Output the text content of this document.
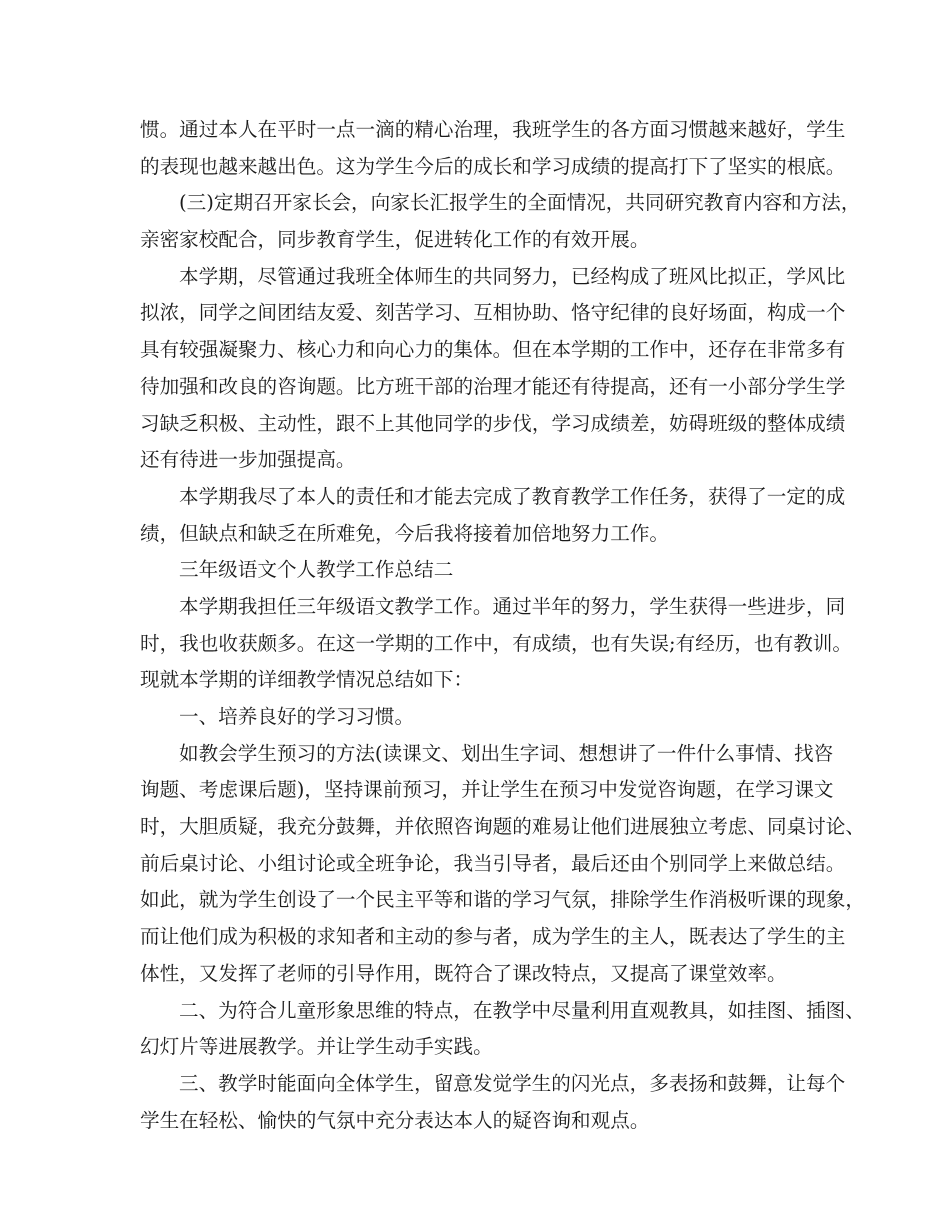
惯。通过本人在平时一点一滴的精心治理，我班学生的各方面习惯越来越好，学生
的表现也越来越出色。这为学生今后的成长和学习成绩的提高打下了坚实的根底。
(三)定期召开家长会，向家长汇报学生的全面情况，共同研究教育内容和方法，
亲密家校配合，同步教育学生，促进转化工作的有效开展。
本学期，尽管通过我班全体师生的共同努力，已经构成了班风比拟正，学风比
拟浓，同学之间团结友爱、刻苦学习、互相协助、恪守纪律的良好场面，构成一个
具有较强凝聚力、核心力和向心力的集体。但在本学期的工作中，还存在非常多有
待加强和改良的咨询题。比方班干部的治理才能还有待提高，还有一小部分学生学
习缺乏积极、主动性，跟不上其他同学的步伐，学习成绩差，妨碍班级的整体成绩
还有待进一步加强提高。
本学期我尽了本人的责任和才能去完成了教育教学工作任务，获得了一定的成
绩，但缺点和缺乏在所难免，今后我将接着加倍地努力工作。
三年级语文个人教学工作总结二
本学期我担任三年级语文教学工作。通过半年的努力，学生获得一些进步，同
时，我也收获颇多。在这一学期的工作中，有成绩，也有失误;有经历，也有教训。
现就本学期的详细教学情况总结如下：
一、培养良好的学习习惯。
如教会学生预习的方法(读课文、划出生字词、想想讲了一件什么事情、找咨
询题、考虑课后题)，坚持课前预习，并让学生在预习中发觉咨询题，在学习课文
时，大胆质疑，我充分鼓舞，并依照咨询题的难易让他们进展独立考虑、同桌讨论、
前后桌讨论、小组讨论或全班争论，我当引导者，最后还由个别同学上来做总结。
如此，就为学生创设了一个民主平等和谐的学习气氛，排除学生作消极听课的现象，
而让他们成为积极的求知者和主动的参与者，成为学生的主人，既表达了学生的主
体性，又发挥了老师的引导作用，既符合了课改特点，又提高了课堂效率。
二、为符合儿童形象思维的特点，在教学中尽量利用直观教具，如挂图、插图、
幻灯片等进展教学。并让学生动手实践。
三、教学时能面向全体学生，留意发觉学生的闪光点，多表扬和鼓舞，让每个
学生在轻松、愉快的气氛中充分表达本人的疑咨询和观点。
